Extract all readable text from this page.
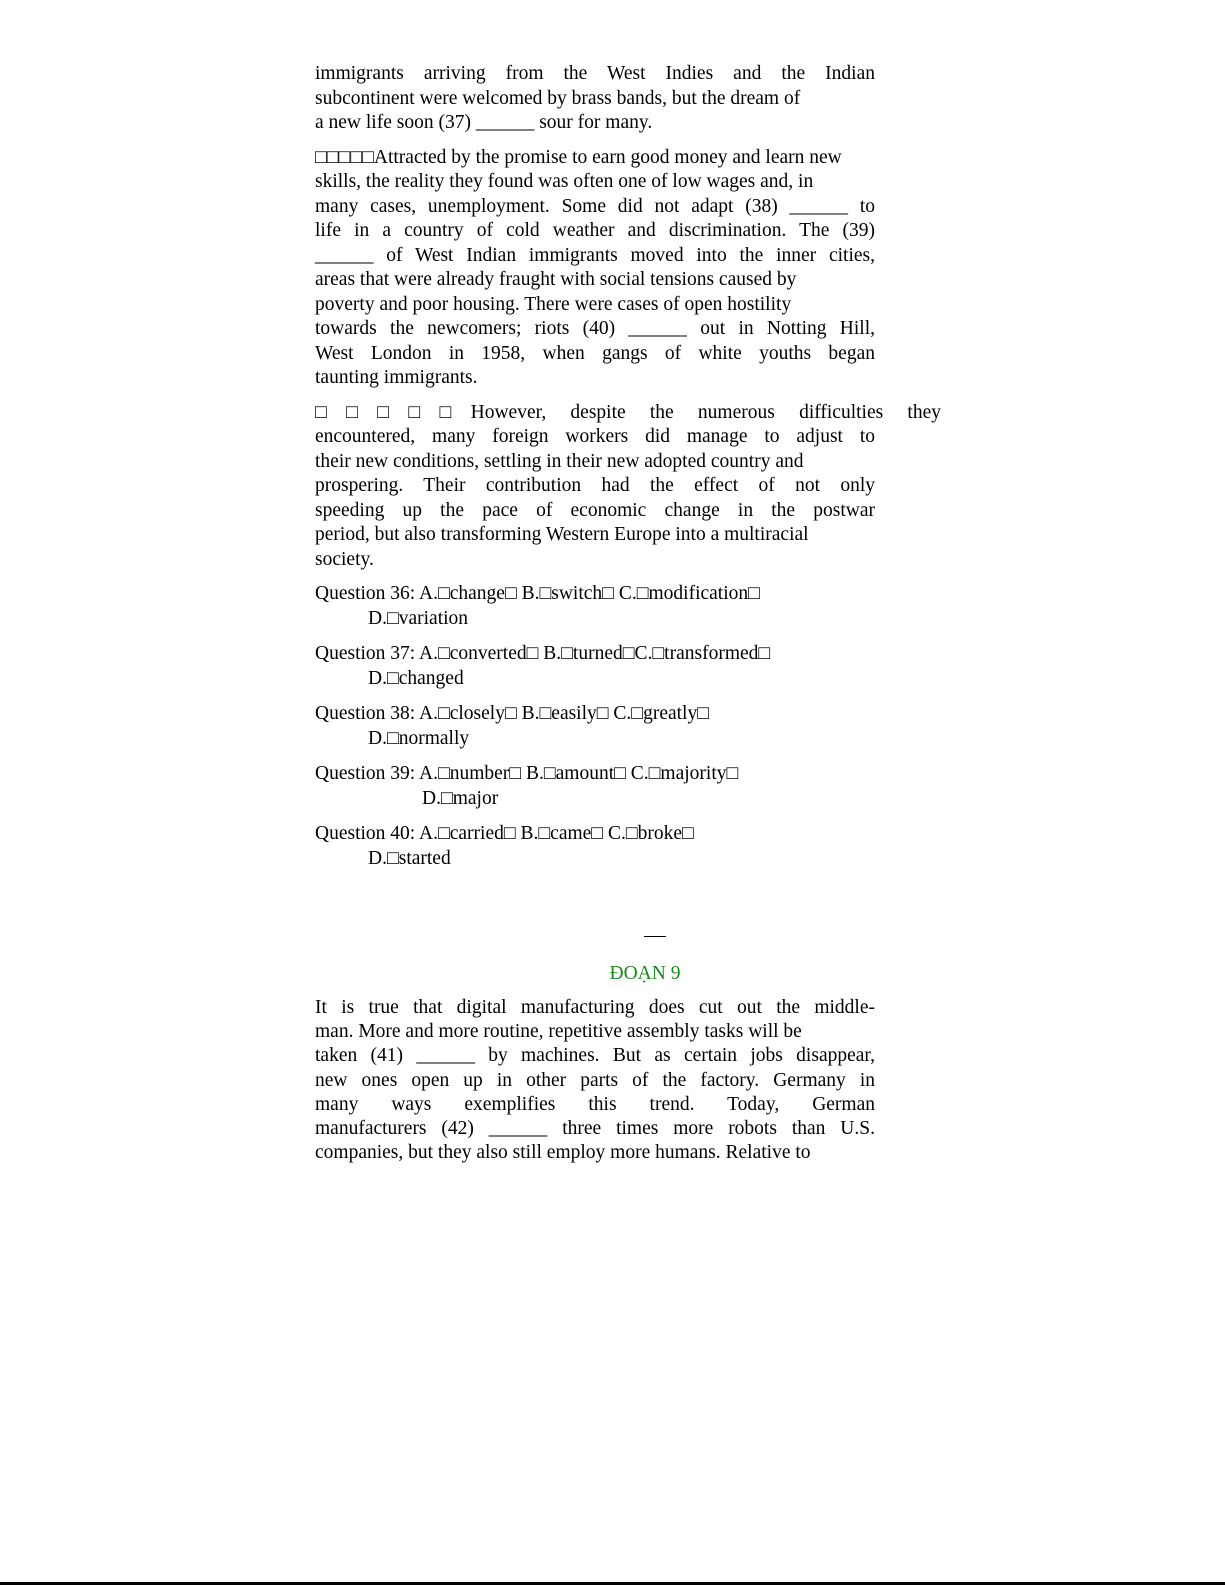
immigrants arriving from the West Indies and the Indian
subcontinent were welcomed by brass bands, but the dream of
a new life soon (37) ______ sour for many.

□□□□□Attracted by the promise to earn good money and learn new
skills, the reality they found was often one of low wages and, in
many cases, unemployment. Some did not adapt (38) ______ to
life in a country of cold weather and discrimination. The (39)
______ of West Indian immigrants moved into the inner cities,
areas that were already fraught with social tensions caused by
poverty and poor housing. There were cases of open hostility
towards the newcomers; riots (40) ______ out in Notting Hill,
West London in 1958, when gangs of white youths began
taunting immigrants.

□□□□□However, despite the numerous difficulties they
encountered, many foreign workers did manage to adjust to
their new conditions, settling in their new adopted country and
prospering. Their contribution had the effect of not only
speeding up the pace of economic change in the postwar
period, but also transforming Western Europe into a multiracial
society.

Question 36: A.□change□ B.□switch□ C.□modification□
D.□variation
Question 37: A.□converted□ B.□turned□C.□transformed□
D.□changed
Question 38: A.□closely□ B.□easily□ C.□greatly□
D.□normally
Question 39: A.□number□ B.□amount□ C.□majority□
D.□major
Question 40: A.□carried□ B.□came□ C.□broke□
D.□started
ĐOẠN 9
It is true that digital manufacturing does cut out the middle-
man. More and more routine, repetitive assembly tasks will be
taken (41) ______ by machines. But as certain jobs disappear,
new ones open up in other parts of the factory. Germany in
many ways exemplifies this trend. Today, German
manufacturers (42) ______ three times more robots than U.S.
companies, but they also still employ more humans. Relative to
